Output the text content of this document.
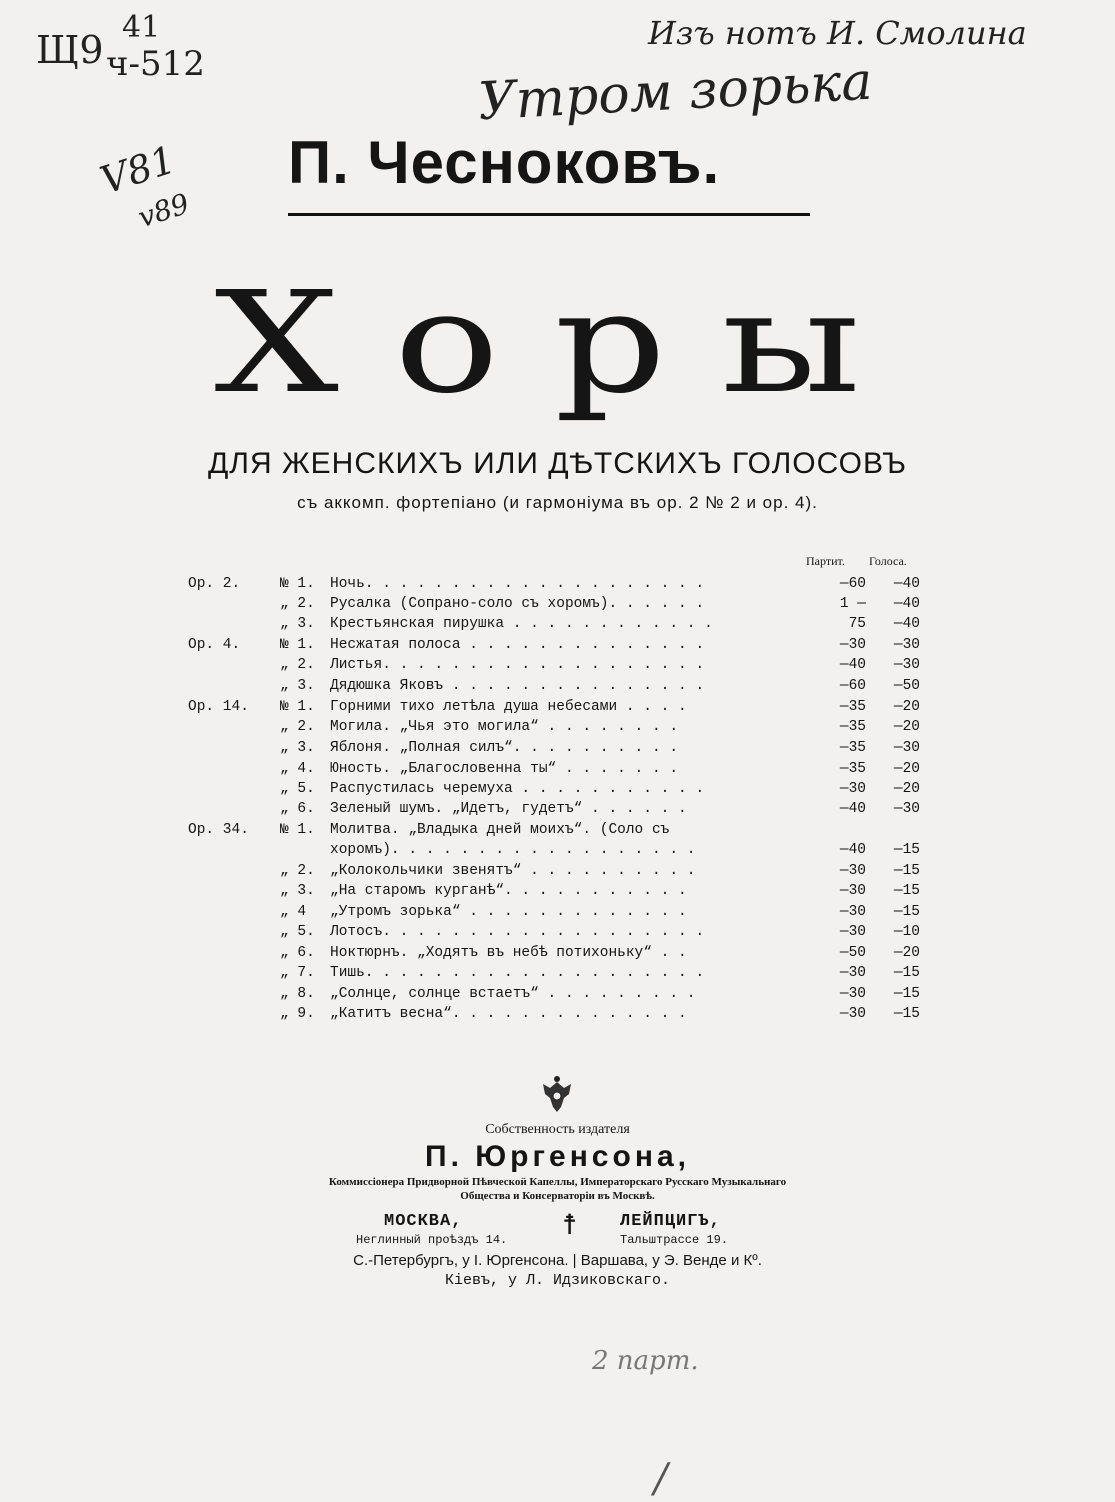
Щ9
41
ч-512
V81
v89
Изъ нотъ И. Смолина
Утром зорька
2 парт.
/
П. Чесноковъ.
Хоры
ДЛЯ ЖЕНСКИХЪ ИЛИ ДѢТСКИХЪ ГОЛОСОВЪ
съ аккомп. фортепiано (и гармонiума въ ор. 2 № 2 и ор. 4).
Партит. Голоса.
Ор. 2.	№ 1. Ночь. . . . . . . . . . . . . . . . . . . .	—60	—40
„ 2. Русалка (Сопрано-соло съ хоромъ). . . . . .	1 —	—40
„ 3. Крестьянская пирушка . . . . . . . . . . . .	75	—40
Ор. 4.	№ 1. Несжатая полоса . . . . . . . . . . . . . .	—30	—30
„ 2. Листья. . . . . . . . . . . . . . . . . . .	—40	—30
„ 3. Дядюшка Яковъ . . . . . . . . . . . . . . .	—60	—50
Ор. 14. № 1. Горними тихо летѣла душа небесами . . . .	—35	—20
„ 2. Могила. „Чья это могила“ . . . . . . . .	—35	—20
„ 3. Яблоня. „Полная силъ“. . . . . . . . . .	—35	—30
„ 4. Юность. „Благословенна ты“ . . . . . . .	—35	—20
„ 5. Распустилась черемуха . . . . . . . . . . .	—30	—20
„ 6. Зеленый шумъ. „Идетъ, гудетъ“ . . . . . .	—40	—30
Ор. 34. № 1. Молитва. „Владыка дней моихъ“. (Соло съ
хоромъ). . . . . . . . . . . . . . . . . .	—40	—15
„ 2. „Колокольчики звенятъ“ . . . . . . . . . .	—30	—15
„ 3. „На старомъ курганѣ“. . . . . . . . . . .	—30	—15
„ 4 „Утромъ зорька“ . . . . . . . . . . . . .	—30	—15
„ 5. Лотосъ. . . . . . . . . . . . . . . . . . .	—30	—10
„ 6. Ноктюрнъ. „Ходятъ въ небѣ потихоньку“ . .	—50	—20
„ 7. Тишь. . . . . . . . . . . . . . . . . . . .	—30	—15
„ 8. „Солнце, солнце встаетъ“ . . . . . . . . .	—30	—15
„ 9. „Катитъ весна“. . . . . . . . . . . . . .	—30	—15
Собственность издателя
П. Юргенсона,
Коммиссiонера Придворной Пѣвческой Капеллы, Императорскаго Русскаго Музыкальнаго
Общества и Консерваторiи въ Москвѣ.
МОСКВА,	☨	ЛЕЙПЦИГЪ,
Неглинный проѣздъ 14.	Тальштрассе 19.
С.-Петербургъ, у I. Юргенсона. | Варшава, у Э. Венде и Кº.
Кiевъ, у Л. Идзиковскаго.
